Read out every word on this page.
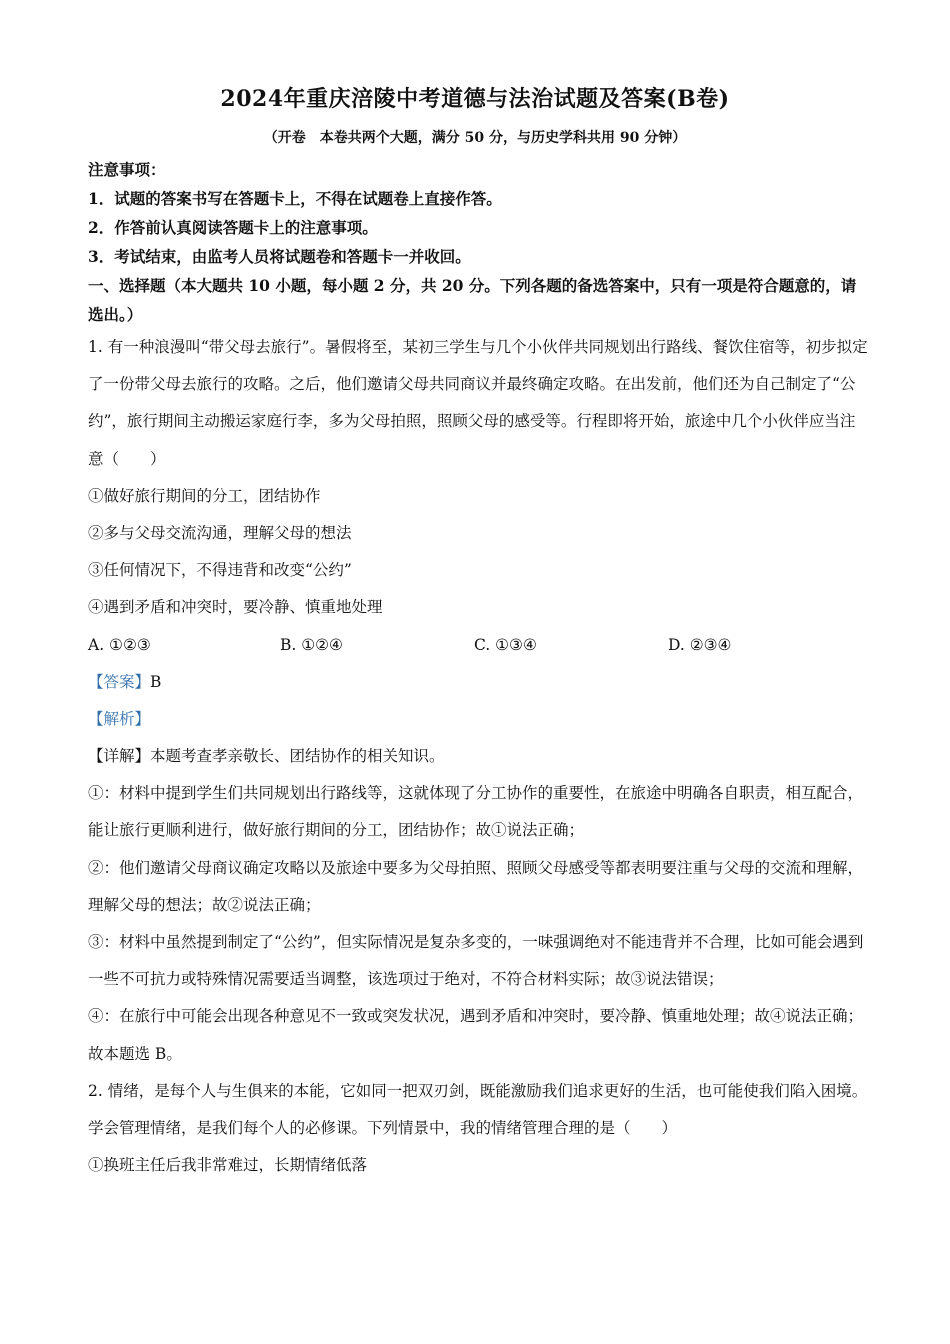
2024年重庆涪陵中考道德与法治试题及答案(B卷)
（开卷　本卷共两个大题，满分 50 分，与历史学科共用 90 分钟）
注意事项：
1．试题的答案书写在答题卡上，不得在试题卷上直接作答。
2．作答前认真阅读答题卡上的注意事项。
3．考试结束，由监考人员将试题卷和答题卡一并收回。

一、选择题（本大题共 10 小题，每小题 2 分，共 20 分。下列各题的备选答案中，只有一项是符合题意的，请选出。）

1. 有一种浪漫叫“带父母去旅行”。暑假将至，某初三学生与几个小伙伴共同规划出行路线、餐饮住宿等，初步拟定了一份带父母去旅行的攻略。之后，他们邀请父母共同商议并最终确定攻略。在出发前，他们还为自己制定了“公约”，旅行期间主动搬运家庭行李，多为父母拍照，照顾父母的感受等。行程即将开始，旅途中几个小伙伴应当注意（　　）

①做好旅行期间的分工，团结协作

②多与父母交流沟通，理解父母的想法

③任何情况下，不得违背和改变“公约”

④遇到矛盾和冲突时，要冷静、慎重地处理

A. ①②③	B. ①②④	C. ①③④	D. ②③④

【答案】B

【解析】

【详解】本题考查孝亲敬长、团结协作的相关知识。

①：材料中提到学生们共同规划出行路线等，这就体现了分工协作的重要性，在旅途中明确各自职责，相互配合，能让旅行更顺利进行，做好旅行期间的分工，团结协作；故①说法正确；

②：他们邀请父母商议确定攻略以及旅途中要多为父母拍照、照顾父母感受等都表明要注重与父母的交流和理解，理解父母的想法；故②说法正确；

③：材料中虽然提到制定了“公约”，但实际情况是复杂多变的，一味强调绝对不能违背并不合理，比如可能会遇到一些不可抗力或特殊情况需要适当调整，该选项过于绝对，不符合材料实际；故③说法错误；

④：在旅行中可能会出现各种意见不一致或突发状况，遇到矛盾和冲突时，要冷静、慎重地处理；故④说法正确；

故本题选 B。

2. 情绪，是每个人与生俱来的本能，它如同一把双刃剑，既能激励我们追求更好的生活，也可能使我们陷入困境。学会管理情绪，是我们每个人的必修课。下列情景中，我的情绪管理合理的是（　　）

①换班主任后我非常难过，长期情绪低落
